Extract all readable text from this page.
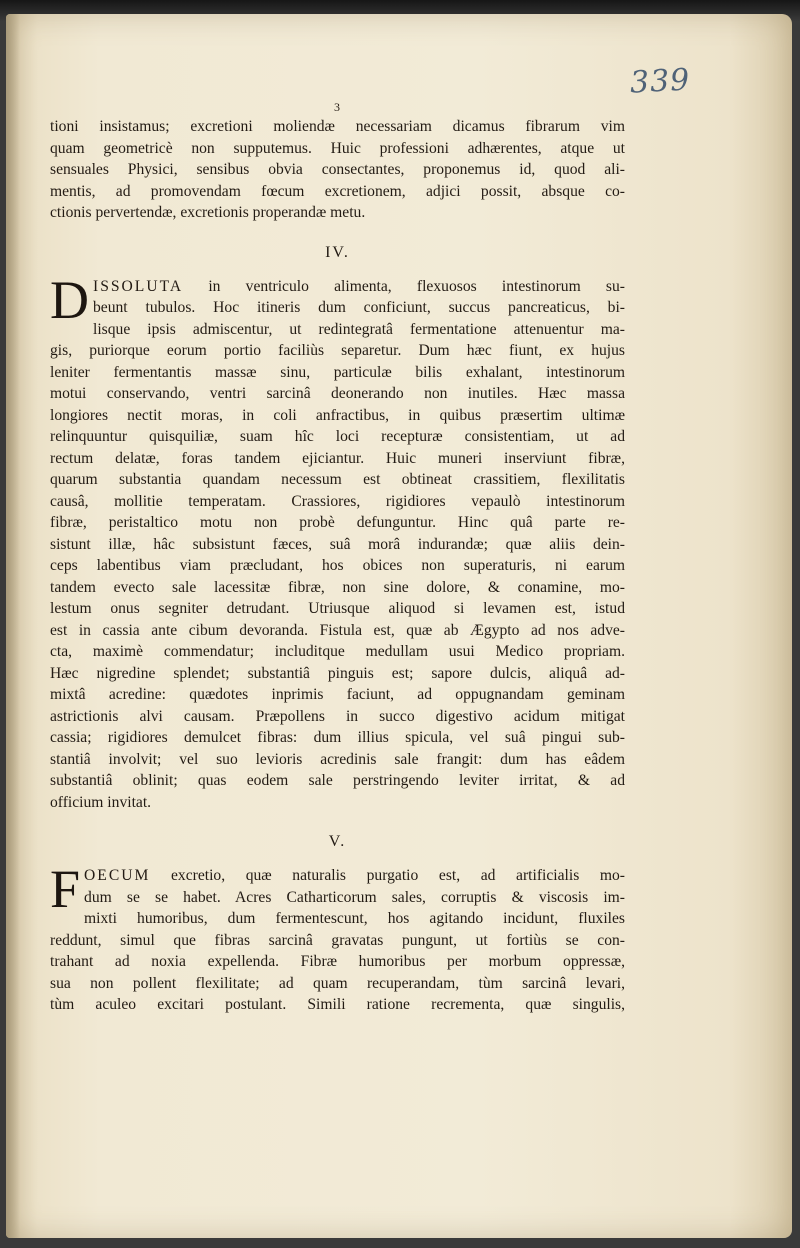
339
3
tioni insistamus; excretioni moliendæ necessariam dicamus fibrarum vim
quam geometricè non supputemus. Huic professioni adhærentes, atque ut
sensuales Physici, sensibus obvia consectantes, proponemus id, quod ali-
mentis, ad promovendam fœcum excretionem, adjici possit, absque co-
ctionis pervertendæ, excretionis properandæ metu.
IV.
D ISSOLUTA in ventriculo alimenta, flexuosos intestinorum su-
beunt tubulos. Hoc itineris dum conficiunt, succus pancreaticus, bi-
lisque ipsis admiscentur, ut redintegratâ fermentatione attenuentur ma-
gis, puriorque eorum portio faciliùs separetur. Dum hæc fiunt, ex hujus
leniter fermentantis massæ sinu, particulæ bilis exhalant, intestinorum
motui conservando, ventri sarcinâ deonerando non inutiles. Hæc massa
longiores nectit moras, in coli anfractibus, in quibus præsertim ultimæ
relinquuntur quisquiliæ, suam hîc loci recepturæ consistentiam, ut ad
rectum delatæ, foras tandem ejiciantur. Huic muneri inserviunt fibræ,
quarum substantia quandam necessum est obtineat crassitiem, flexilitatis
causâ, mollitie temperatam. Crassiores, rigidiores vepaulò intestinorum
fibræ, peristaltico motu non probè defunguntur. Hinc quâ parte re-
sistunt illæ, hâc subsistunt fæces, suâ morâ indurandæ; quæ aliis dein-
ceps labentibus viam præcludant, hos obices non superaturis, ni earum
tandem evecto sale lacessitæ fibræ, non sine dolore, & conamine, mo-
lestum onus segniter detrudant. Utriusque aliquod si levamen est, istud
est in cassia ante cibum devoranda. Fistula est, quæ ab Ægypto ad nos adve-
cta, maximè commendatur; includitque medullam usui Medico propriam.
Hæc nigredine splendet; substantiâ pinguis est; sapore dulcis, aliquâ ad-
mixtâ acredine: quædotes inprimis faciunt, ad oppugnandam geminam
astrictionis alvi causam. Præpollens in succo digestivo acidum mitigat
cassia; rigidiores demulcet fibras: dum illius spicula, vel suâ pingui sub-
stantiâ involvit; vel suo levioris acredinis sale frangit: dum has eâdem
substantiâ oblinit; quas eodem sale perstringendo leviter irritat, & ad
officium invitat.
V.
F OECUM excretio, quæ naturalis purgatio est, ad artificialis mo-
dum se se habet. Acres Catharticorum sales, corruptis & viscosis im-
mixti humoribus, dum fermentescunt, hos agitando incidunt, fluxiles
reddunt, simul que fibras sarcinâ gravatas pungunt, ut fortiùs se con-
trahant ad noxia expellenda. Fibræ humoribus per morbum oppressæ,
sua non pollent flexilitate; ad quam recuperandam, tùm sarcinâ levari,
tùm aculeo excitari postulant. Simili ratione recrementa, quæ singulis,
